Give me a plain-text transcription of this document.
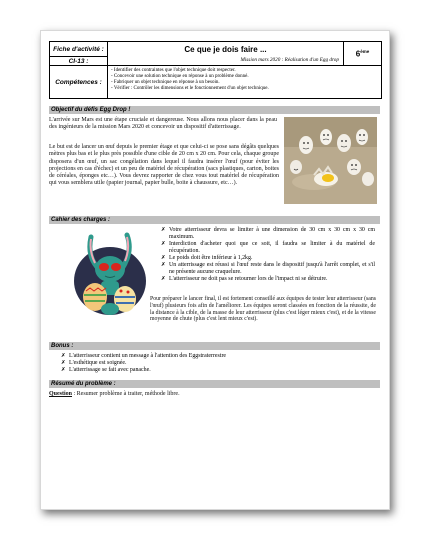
Fiche d'activité :	Ce que je dois faire ...
Mission mars 2020 : Réalisation d'un Egg drop
CI-13 :
6ème
Compétences :
- Identifier des contraintes que l'objet technique doit respecter.
- Concevoir une solution technique en réponse à un problème donné.
- Fabriquer un objet technique en réponse à un besoin.
- Vérifier : Contrôler les dimensions et le fonctionnement d'un objet technique.
Objectif du défis Egg Drop !
L'arrivée sur Mars est une étape cruciale et dangereuse. Nous allons nous placer dans la peau des ingénieurs de la mission Mars 2020 et concevoir un dispositif d'atterrissage.
Le but est de lancer un œuf depuis le premier étage et que celui-ci se pose sans dégâts quelques mètres plus bas et le plus près possible d'une cible de 20 cm x 20 cm. Pour cela, chaque groupe disposera d'un œuf, un sac congélation dans lequel il faudra insérer l'œuf (pour éviter les projections en cas d'échec) et un peu de matériel de récupération (sacs plastiques, carton, boites de céréales, éponges etc…). Vous devrez rapporter de chez vous tout matériel de récupération qui vous semblera utile (papier journal, papier bulle, boite à chaussure, etc…).
Cahier des charges :
✗ Votre atterrisseur devra se limiter à une dimension de 30 cm x 30 cm x 30 cm maximum.
✗ Interdiction d'acheter quoi que ce soit, il faudra se limiter à du matériel de récupération.
✗ Le poids doit être inférieur à 1,2kg.
✗ Un atterrissage est réussi si l'œuf reste dans le dispositif jusqu'à l'arrêt complet, et s'il ne présente aucune craquelure.
✗ L'atterrisseur ne doit pas se retourner lors de l'impact ni se détruire.
Pour préparer le lancer final, il est fortement conseillé aux équipes de tester leur atterrisseur (sans l'œuf) plusieurs fois afin de l'améliorer. Les équipes seront classées en fonction de la réussite, de la distance à la cible, de la masse de leur atterrisseur (plus c'est léger mieux c'est), et de la vitesse moyenne de chute (plus c'est lent mieux c'est).
Bonus :
✗ L'atterrisseur contient un message à l'attention des Eggstraterrestre
✗ L'esthétique est soignée.
✗ L'atterrissage se fait avec panache.
Résumé du problème :
Question : Resumer problème à traiter, méthode libre.
